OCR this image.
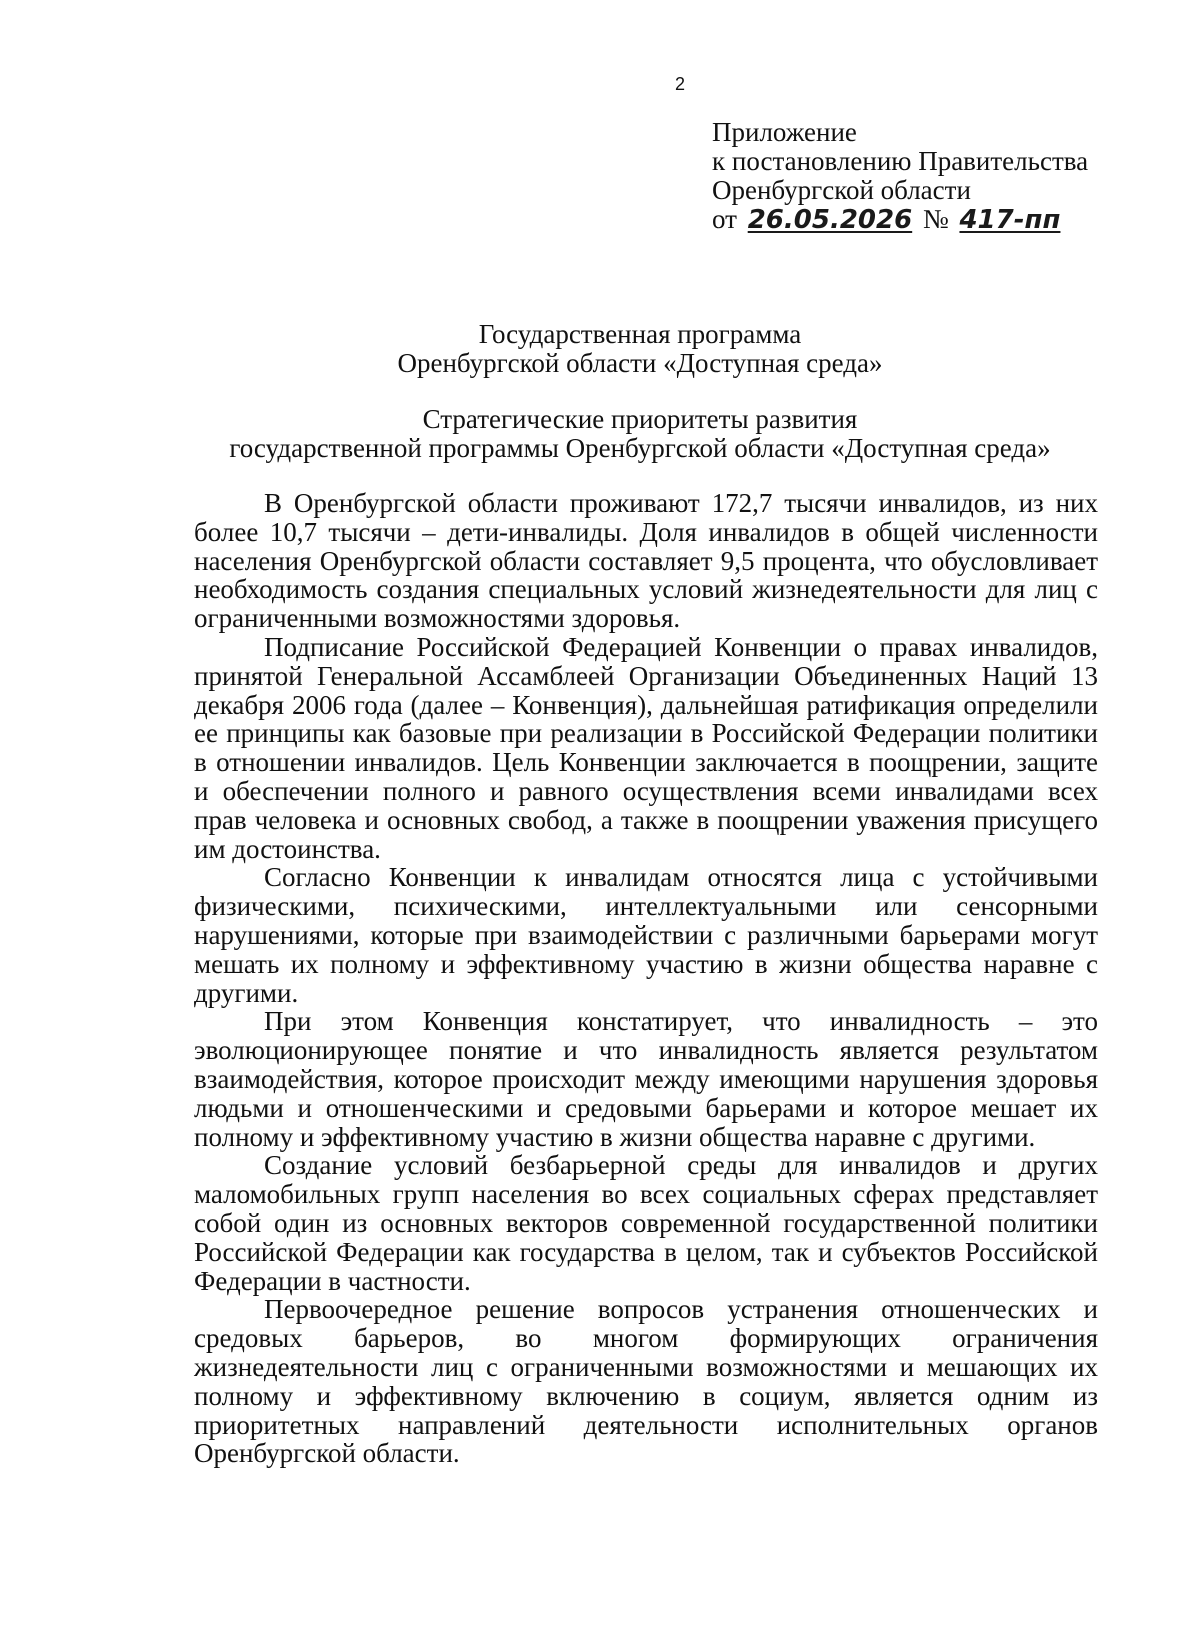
2
Приложение
к постановлению Правительства
Оренбургской области
от 26.05.2026 № 417-пп
Государственная программа
Оренбургской области «Доступная среда»
Стратегические приоритеты развития
государственной программы Оренбургской области «Доступная среда»

В Оренбургской области проживают 172,7 тысячи инвалидов, из них более 10,7 тысячи – дети-инвалиды. Доля инвалидов в общей численности населения Оренбургской области составляет 9,5 процента, что обусловливает необходимость создания специальных условий жизнедеятельности для лиц с ограниченными возможностями здоровья.

Подписание Российской Федерацией Конвенции о правах инвалидов, принятой Генеральной Ассамблеей Организации Объединенных Наций 13 декабря 2006 года (далее – Конвенция), дальнейшая ратификация определили ее принципы как базовые при реализации в Российской Федерации политики в отношении инвалидов. Цель Конвенции заключается в поощрении, защите и обеспечении полного и равного осуществления всеми инвалидами всех прав человека и основных свобод, а также в поощрении уважения присущего им достоинства.

Согласно Конвенции к инвалидам относятся лица с устойчивыми физическими, психическими, интеллектуальными или сенсорными нарушениями, которые при взаимодействии с различными барьерами могут мешать их полному и эффективному участию в жизни общества наравне с другими.

При этом Конвенция констатирует, что инвалидность – это эволюционирующее понятие и что инвалидность является результатом взаимодействия, которое происходит между имеющими нарушения здоровья людьми и отношенческими и средовыми барьерами и которое мешает их полному и эффективному участию в жизни общества наравне с другими.

Создание условий безбарьерной среды для инвалидов и других маломобильных групп населения во всех социальных сферах представляет собой один из основных векторов современной государственной политики Российской Федерации как государства в целом, так и субъектов Российской Федерации в частности.

Первоочередное решение вопросов устранения отношенческих и средовых барьеров, во многом формирующих ограничения жизнедеятельности лиц с ограниченными возможностями и мешающих их полному и эффективному включению в социум, является одним из приоритетных направлений деятельности исполнительных органов Оренбургской области.
